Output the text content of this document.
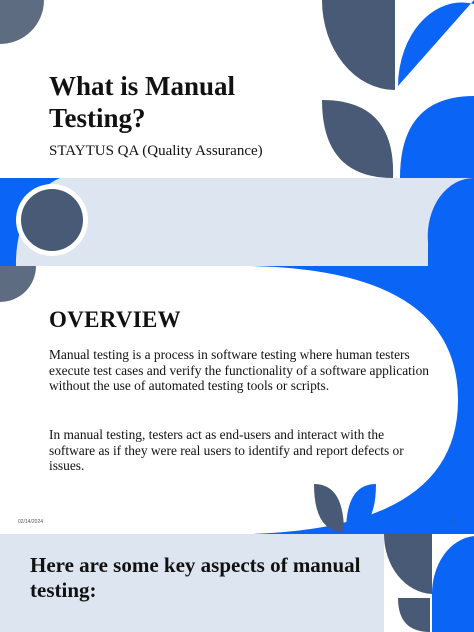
What is Manual Testing?
STAYTUS QA (Quality Assurance)
OVERVIEW
Manual testing is a process in software testing where human testers execute test cases and verify the functionality of a software application without the use of automated testing tools or scripts.
In manual testing, testers act as end-users and interact with the software as if they were real users to identify and report defects or issues.
02/14/2024	2
Here are some key aspects of manual testing:
